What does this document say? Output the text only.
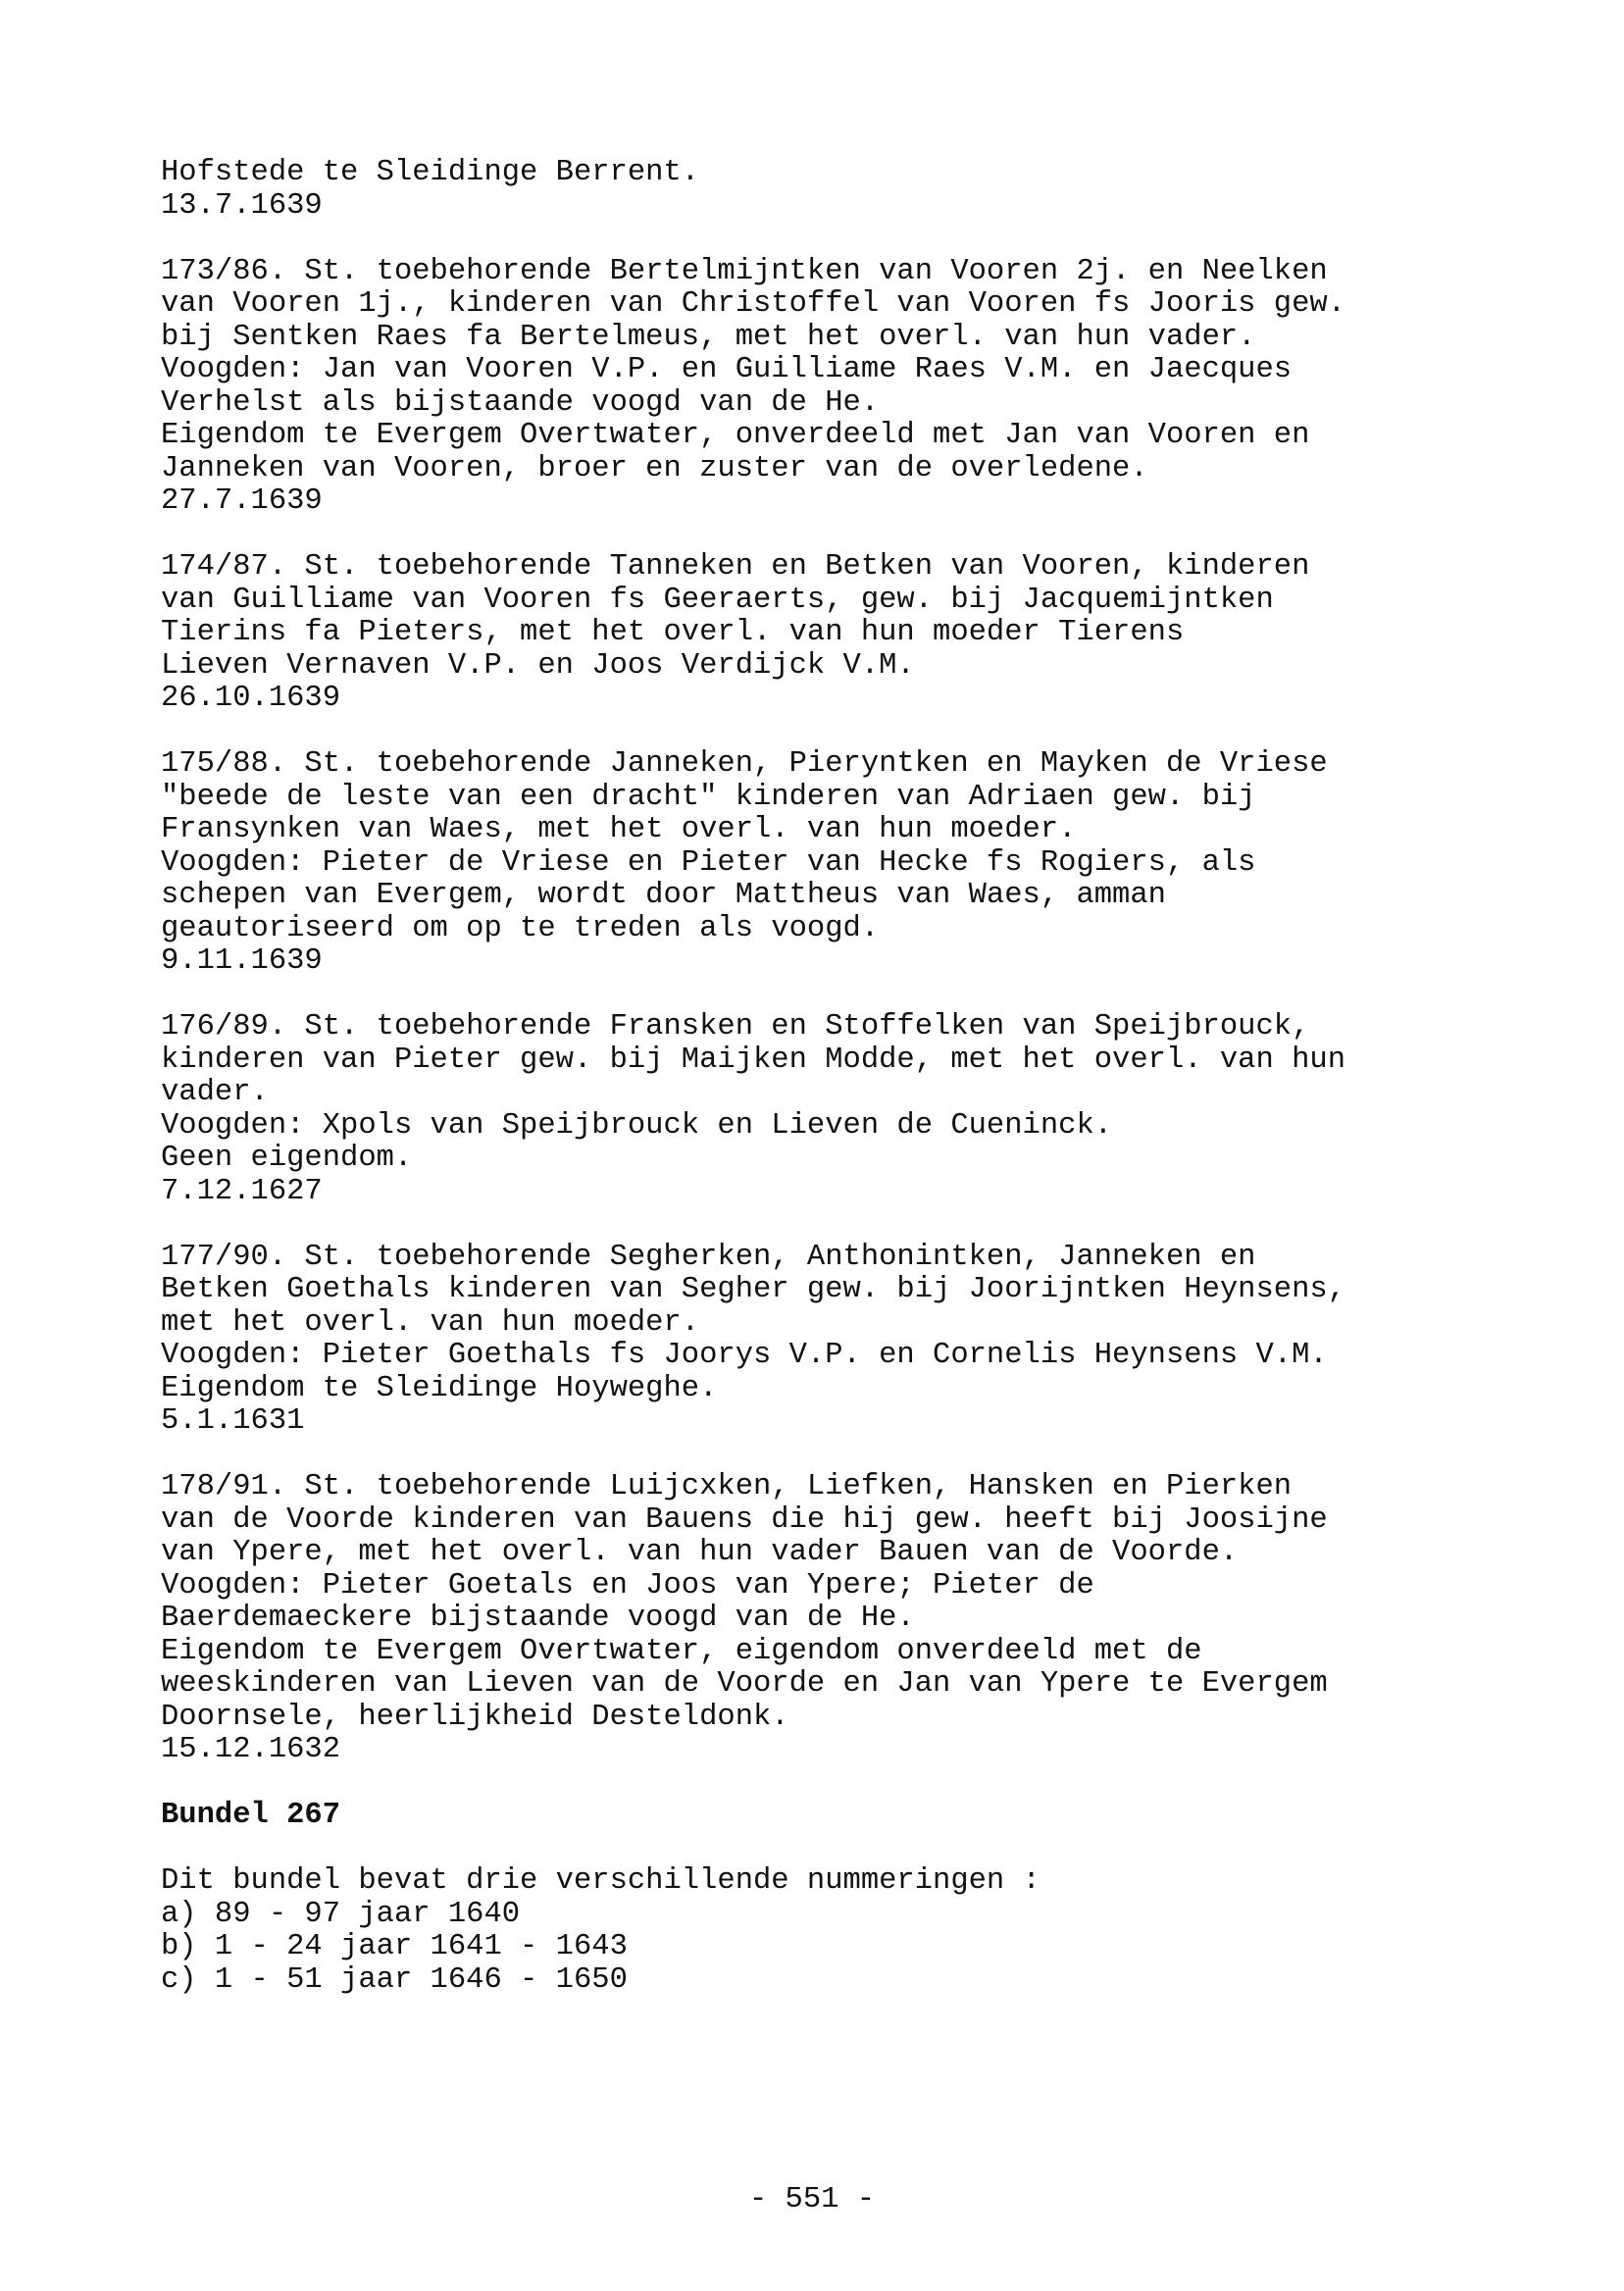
Hofstede te Sleidinge Berrent.
13.7.1639
173/86. St. toebehorende Bertelmijntken van Vooren 2j. en Neelken
van Vooren 1j., kinderen van Christoffel van Vooren fs Jooris gew.
bij Sentken Raes fa Bertelmeus, met het overl. van hun vader.
Voogden: Jan van Vooren V.P. en Guilliame Raes V.M. en Jaecques
Verhelst als bijstaande voogd van de He.
Eigendom te Evergem Overtwater, onverdeeld met Jan van Vooren en
Janneken van Vooren, broer en zuster van de overledene.
27.7.1639
174/87. St. toebehorende Tanneken en Betken van Vooren, kinderen
van Guilliame van Vooren fs Geeraerts, gew. bij Jacquemijntken
Tierins fa Pieters, met het overl. van hun moeder Tierens
Lieven Vernaven V.P. en Joos Verdijck V.M.
26.10.1639
175/88. St. toebehorende Janneken, Pieryntken en Mayken de Vriese
"beede de leste van een dracht" kinderen van Adriaen gew. bij
Fransynken van Waes, met het overl. van hun moeder.
Voogden: Pieter de Vriese en Pieter van Hecke fs Rogiers, als
schepen van Evergem, wordt door Mattheus van Waes, amman
geautoriseerd om op te treden als voogd.
9.11.1639
176/89. St. toebehorende Fransken en Stoffelken van Speijbrouck,
kinderen van Pieter gew. bij Maijken Modde, met het overl. van hun
vader.
Voogden: Xpols van Speijbrouck en Lieven de Cueninck.
Geen eigendom.
7.12.1627
177/90. St. toebehorende Segherken, Anthonintken, Janneken en
Betken Goethals kinderen van Segher gew. bij Joorijntken Heynsens,
met het overl. van hun moeder.
Voogden: Pieter Goethals fs Joorys V.P. en Cornelis Heynsens V.M.
Eigendom te Sleidinge Hoyweghe.
5.1.1631
178/91. St. toebehorende Luijcxken, Liefken, Hansken en Pierken
van de Voorde kinderen van Bauens die hij gew. heeft bij Joosijne
van Ypere, met het overl. van hun vader Bauen van de Voorde.
Voogden: Pieter Goetals en Joos van Ypere; Pieter de
Baerdemaeckere bijstaande voogd van de He.
Eigendom te Evergem Overtwater, eigendom onverdeeld met de
weeskinderen van Lieven van de Voorde en Jan van Ypere te Evergem
Doornsele, heerlijkheid Desteldonk.
15.12.1632
Bundel 267
Dit bundel bevat drie verschillende nummeringen :
a) 89 - 97 jaar 1640
b) 1 - 24 jaar 1641 - 1643
c) 1 - 51 jaar 1646 - 1650
- 551 -
